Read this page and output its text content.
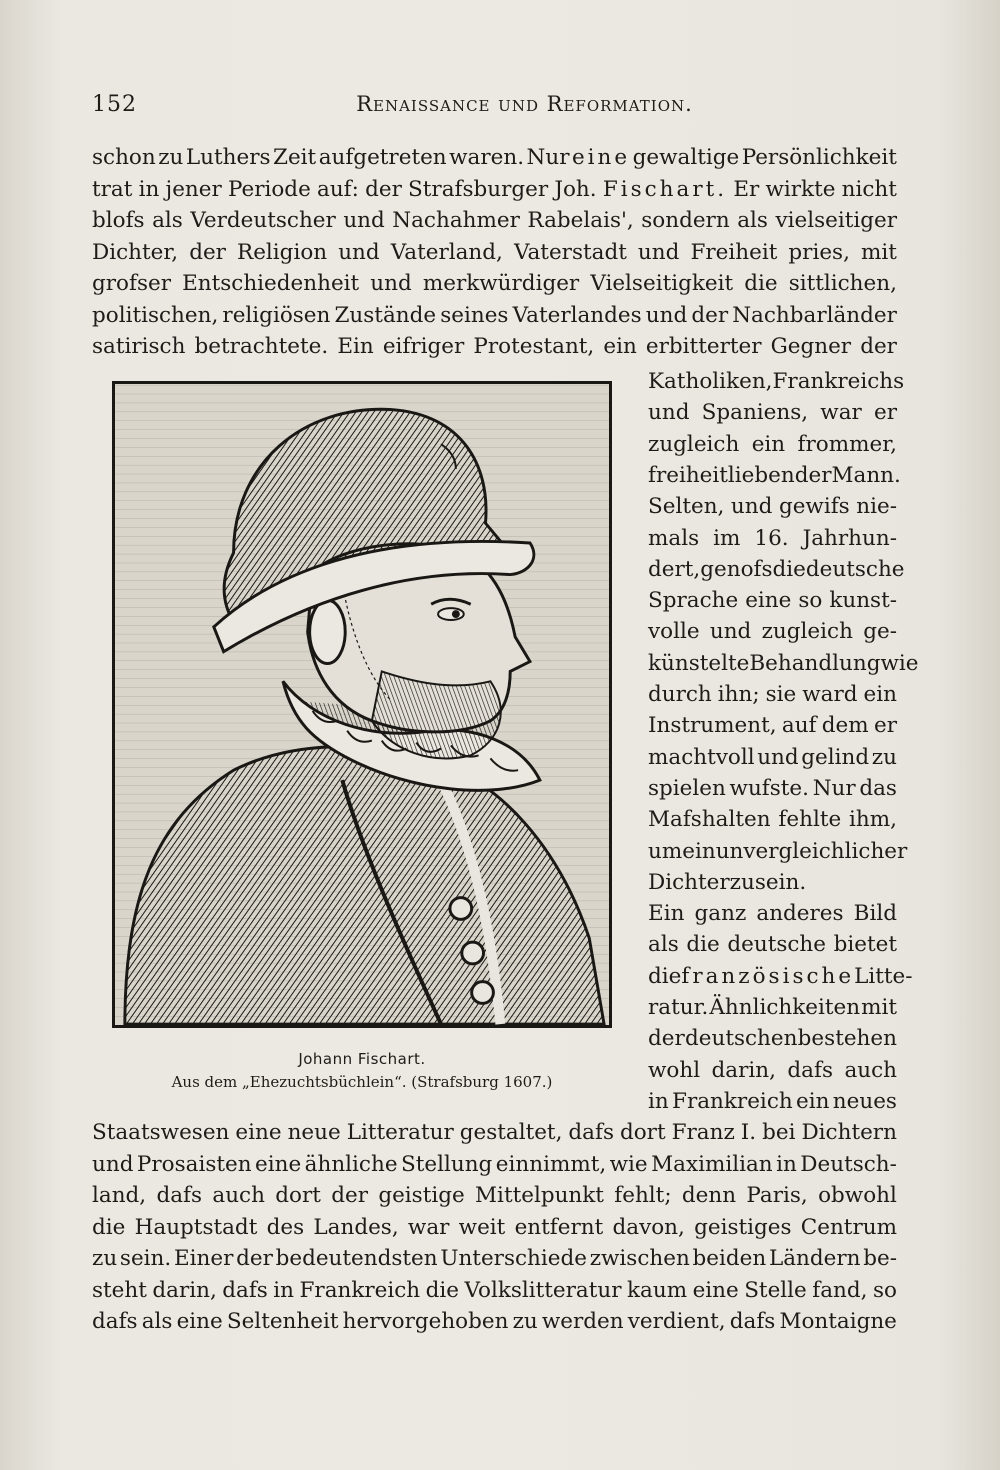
152	Renaissance und Reformation.
schon zu Luthers Zeit aufgetreten waren. Nur eine gewaltige Persönlichkeit
trat in jener Periode auf: der Strafsburger Joh. Fischart. Er wirkte nicht
blofs als Verdeutscher und Nachahmer Rabelais', sondern als vielseitiger
Dichter, der Religion und Vaterland, Vaterstadt und Freiheit pries, mit
grofser Entschiedenheit und merkwürdiger Vielseitigkeit die sittlichen,
politischen, religiösen Zustände seines Vaterlandes und der Nachbarländer
satirisch betrachtete. Ein eifriger Protestant, ein erbitterter Gegner der
Johann Fischart.
Aus dem „Ehezuchtsbüchlein“. (Strafsburg 1607.)
Katholiken, Frankreichs
und Spaniens, war er
zugleich ein frommer,
freiheitliebender Mann.
Selten, und gewifs nie-
mals im 16. Jahrhun-
dert, genofs die deutsche
Sprache eine so kunst-
volle und zugleich ge-
künstelte Behandlung wie
durch ihn; sie ward ein
Instrument, auf dem er
machtvoll und gelind zu
spielen wufste. Nur das
Mafshalten fehlte ihm,
um ein unvergleichlicher
Dichter zu sein.
Ein ganz anderes Bild
als die deutsche bietet
die französische Litte-
ratur. Ähnlichkeiten mit
der deutschen bestehen
wohl darin, dafs auch
in Frankreich ein neues
Staatswesen eine neue Litteratur gestaltet, dafs dort Franz I. bei Dichtern
und Prosaisten eine ähnliche Stellung einnimmt, wie Maximilian in Deutsch-
land, dafs auch dort der geistige Mittelpunkt fehlt; denn Paris, obwohl
die Hauptstadt des Landes, war weit entfernt davon, geistiges Centrum
zu sein. Einer der bedeutendsten Unterschiede zwischen beiden Ländern be-
steht darin, dafs in Frankreich die Volkslitteratur kaum eine Stelle fand, so
dafs als eine Seltenheit hervorgehoben zu werden verdient, dafs Montaigne
